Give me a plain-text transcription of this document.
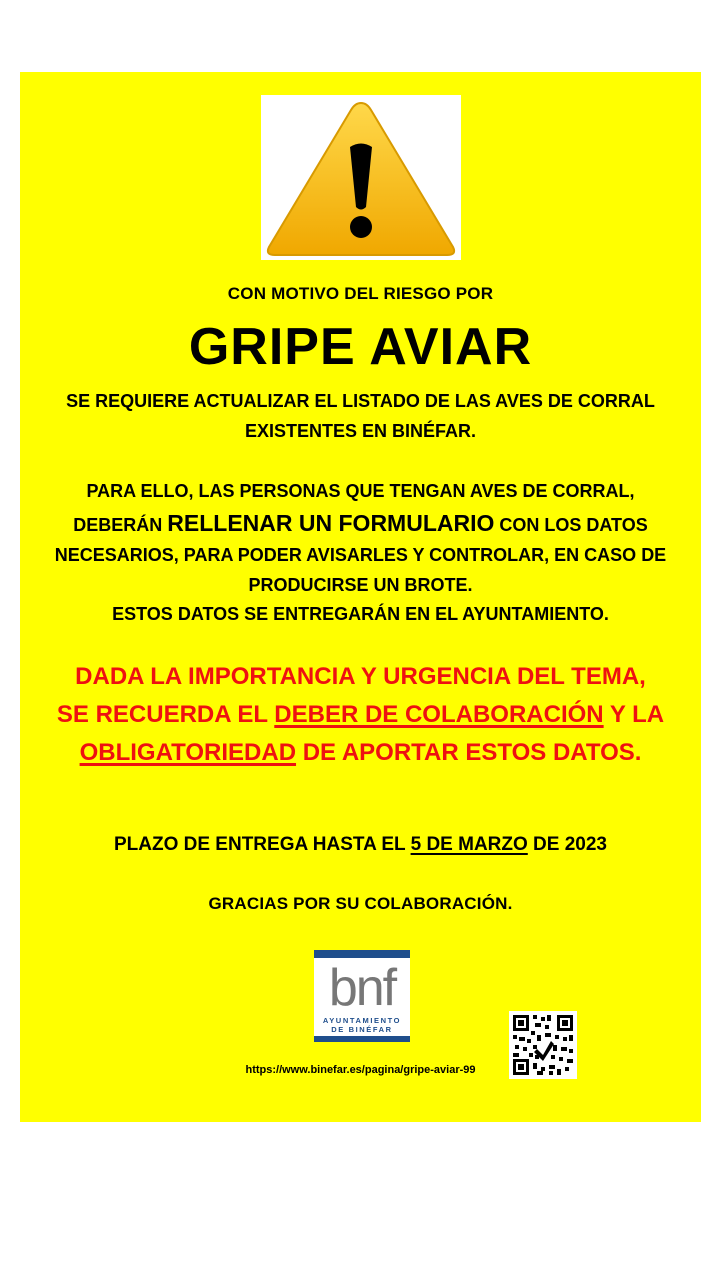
CON MOTIVO DEL RIESGO POR
GRIPE AVIAR
SE REQUIERE ACTUALIZAR EL LISTADO DE LAS AVES DE CORRAL
EXISTENTES EN BINÉFAR.
PARA ELLO, LAS PERSONAS QUE TENGAN AVES DE CORRAL,
DEBERÁN RELLENAR UN FORMULARIO CON LOS DATOS
NECESARIOS, PARA PODER AVISARLES Y CONTROLAR, EN CASO DE
PRODUCIRSE UN BROTE.
ESTOS DATOS SE ENTREGARÁN EN EL AYUNTAMIENTO.
DADA LA IMPORTANCIA Y URGENCIA DEL TEMA,
SE RECUERDA EL DEBER DE COLABORACIÓN Y LA
OBLIGATORIEDAD DE APORTAR ESTOS DATOS.
PLAZO DE ENTREGA HASTA EL 5 DE MARZO DE 2023
GRACIAS POR SU COLABORACIÓN.
bnf
AYUNTAMIENTO
DE BINÉFAR
https://www.binefar.es/pagina/gripe-aviar-99
